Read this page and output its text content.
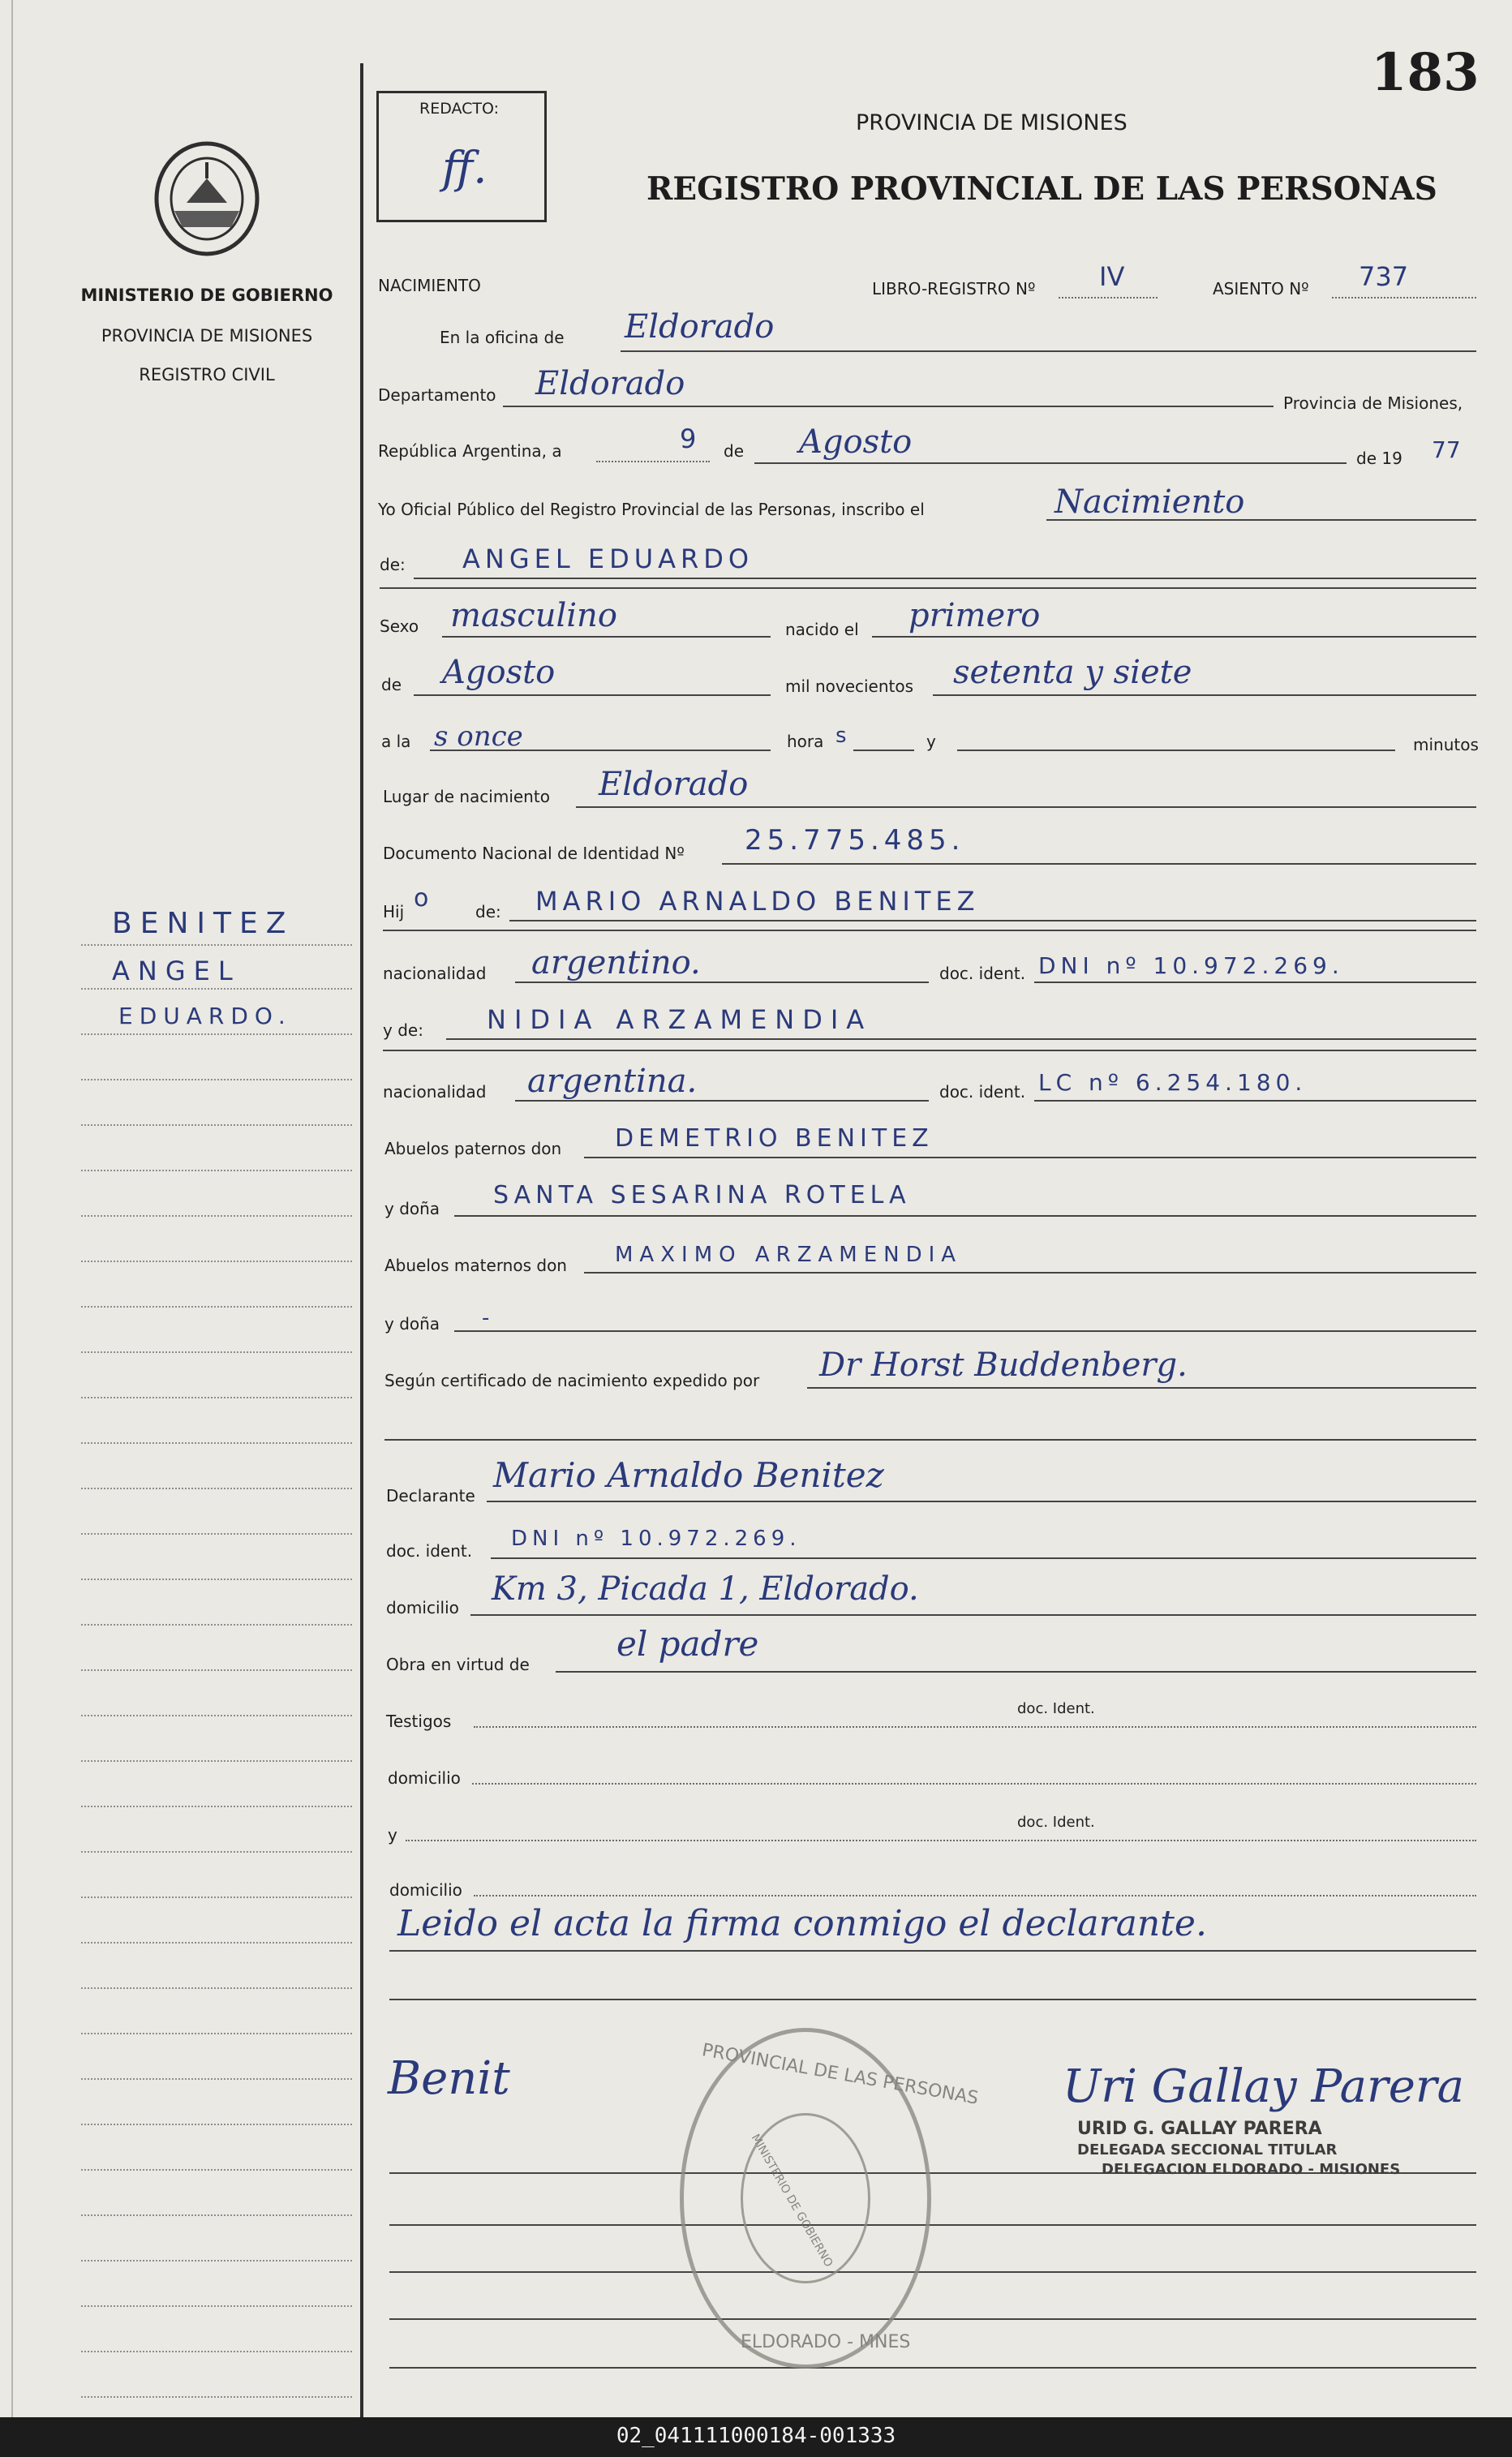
183
MINISTERIO DE GOBIERNO
PROVINCIA DE MISIONES
REGISTRO CIVIL
REDACTO:
ff.
PROVINCIA DE MISIONES
REGISTRO PROVINCIAL DE LAS PERSONAS
NACIMIENTO	LIBRO-REGISTRO Nº IV	ASIENTO Nº 737
En la oficina de Eldorado
Departamento Eldorado
Provincia de Misiones,
República Argentina, a	9 de Agosto	de 19 77
Yo Oficial Público del Registro Provincial de las Personas, inscribo el	Nacimiento
de: ANGEL EDUARDO
Sexo masculino	nacido el primero
de Agosto	mil novecientos setenta y siete
a la s once	hora s	y	minutos
Lugar de nacimiento Eldorado
Documento Nacional de Identidad Nº 25.775.485.
Hij o	de: MARIO ARNALDO BENITEZ
nacionalidad argentino.	doc. ident. DNI nº 10.972.269.
y de: NIDIA ARZAMENDIA
nacionalidad argentina.	doc. ident. LC nº 6.254.180.
Abuelos paternos don DEMETRIO BENITEZ
y doña SANTA SESARINA ROTELA
Abuelos maternos don MAXIMO ARZAMENDIA
y doña -
Según certificado de nacimiento expedido por Dr Horst Buddenberg.
Declarante
Mario Arnaldo Benitez
doc. ident. DNI nº 10.972.269.
domicilio Km 3, Picada 1, Eldorado.
Obra en virtud de
el padre
Testigos
doc. Ident.
domicilio
y
doc. Ident.
domicilio
Leido el acta la firma conmigo el declarante.
Benit	Uri Gallay Parera
URID G. GALLAY PARERA
DELEGADA SECCIONAL TITULAR
DELEGACION ELDORADO - MISIONES
PROVINCIAL DE LAS PERSONAS
MINISTERIO DE GOBIERNO
ELDORADO - MNES
BENITEZ
ANGEL
EDUARDO.
02_041111000184-001333
